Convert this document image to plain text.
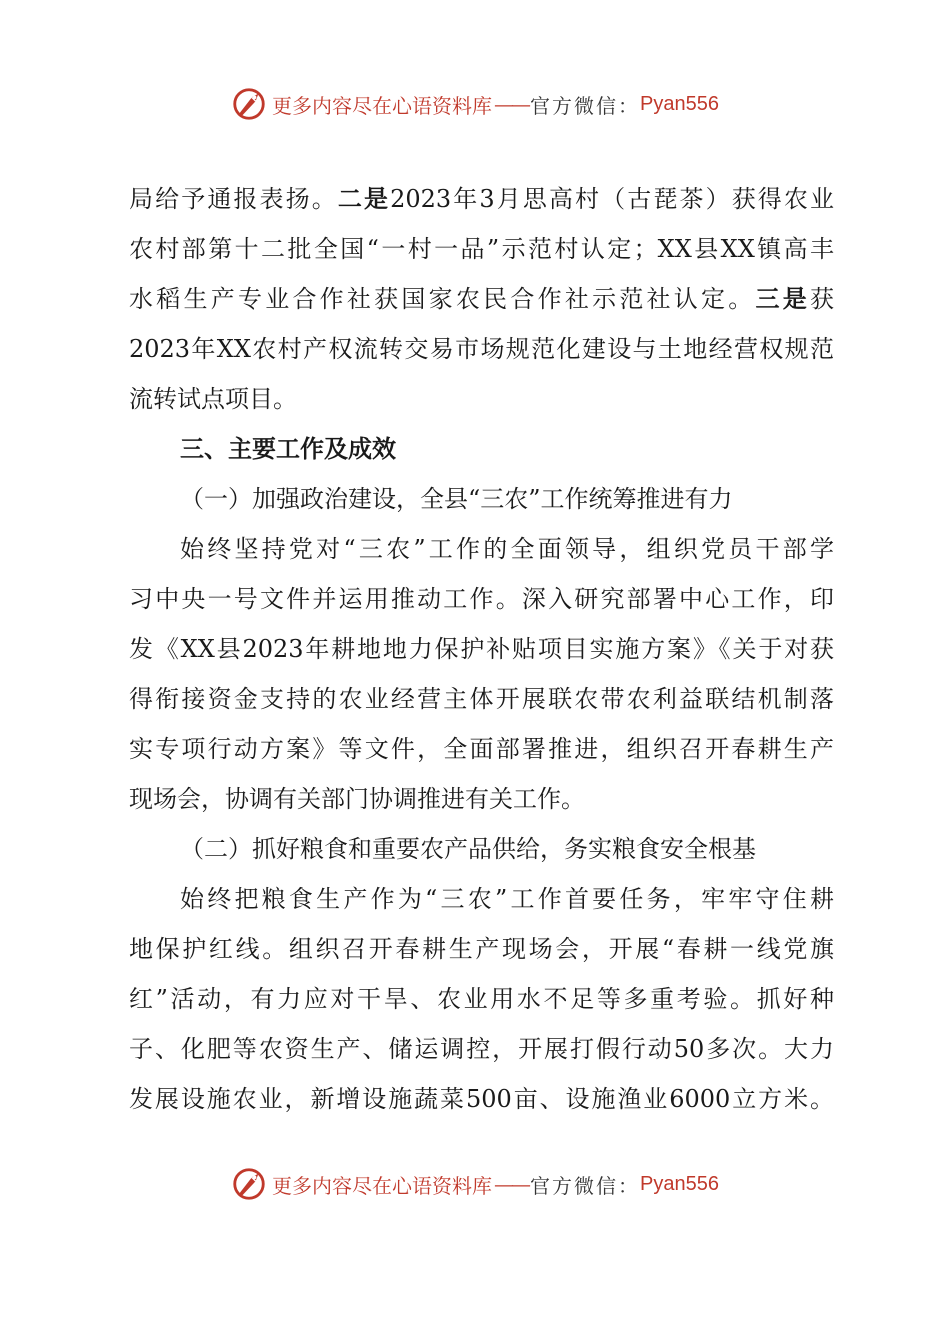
更多内容尽在心语资料库 —— 官方微信： Pyan556
局给予通报表扬。二是2023年3月思高村（古琵茶）获得农业
农村部第十二批全国“一村一品”示范村认定；XX县XX镇高丰
水稻生产专业合作社获国家农民合作社示范社认定。三是获
2023年XX农村产权流转交易市场规范化建设与土地经营权规范
流转试点项目。
三、主要工作及成效
（一）加强政治建设，全县“三农”工作统筹推进有力
始终坚持党对“三农”工作的全面领导，组织党员干部学
习中央一号文件并运用推动工作。深入研究部署中心工作，印
发《XX县2023年耕地地力保护补贴项目实施方案》《关于对获
得衔接资金支持的农业经营主体开展联农带农利益联结机制落
实专项行动方案》等文件，全面部署推进，组织召开春耕生产
现场会，协调有关部门协调推进有关工作。
（二）抓好粮食和重要农产品供给，务实粮食安全根基
始终把粮食生产作为“三农”工作首要任务，牢牢守住耕
地保护红线。组织召开春耕生产现场会，开展“春耕一线党旗
红”活动，有力应对干旱、农业用水不足等多重考验。抓好种
子、化肥等农资生产、储运调控，开展打假行动50多次。大力
发展设施农业，新增设施蔬菜500亩、设施渔业6000立方米。
更多内容尽在心语资料库 —— 官方微信： Pyan556
